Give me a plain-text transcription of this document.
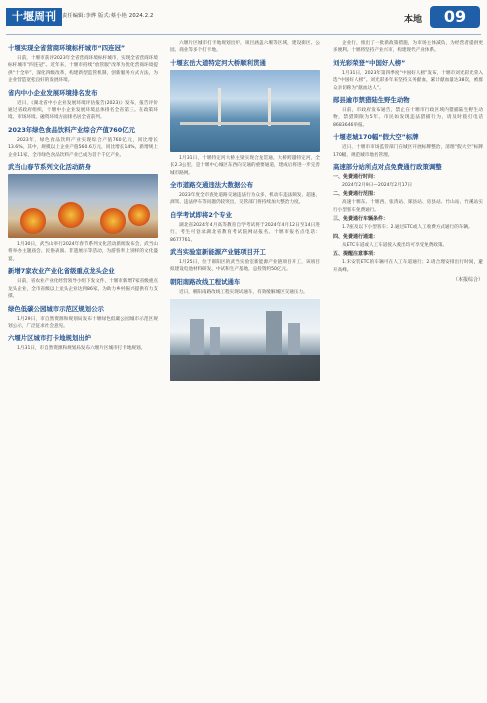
十堰周刊	责任编辑:李烨 版式:蔡小艳 2024.2.2	本地	09
十堰实现全省营商环境标杆城市“四连冠”
日前，十堰市获评2023年全省营商环境标杆城市，实现全省营商环境标杆城市“四连冠”。近年来，十堰市持续“放管服”改革为优化营商环境提供“十全举”，深化四级改革，构建新型监管机制，创新服务方式方法，为企业营造宽松良好的发展环境。
省内中小企业发展环境排名发布
近日，《湖北省中小企业发展环境评估报告(2023)》发布，报告评价通过省政府组织，十堰中小企业发展环境总体排名全省第三。在政策环境、市场环境、融资环境方面排名居全省前列。
2023年绿色食品饮料产业综合产值760亿元
2023年，绿色食品饮料产业实现综合产值760亿元，同比增长13.6%。其中，规模以上企业产值560.6万元，同比增长14%，新增规上企业11家，全市绿色食品饮料产业已成为首个千亿产业。
武当山春节系列文化活动跻身
1月30日，武当山举行2024年春节系列文化活动新闻发布会，武当山将举办主题庙会、民俗表演、非遗展示等活动，为游客奉上别样的文化盛宴。
新增7家农业产业化省级重点龙头企业
日前，省农业产业化经营领导小组下发文件，十堰市新增7家省级重点龙头企业，全市省级以上龙头企业达到86家，为助力乡村振兴提供有力支撑。
绿色低碳公园城市示范区规划公示
1月29日，市自然资源和规划局发布十堰绿色低碳公园城市示范区规划公示，广泛征求社会意见。
六堰片区城市打卡地规划出炉
1月31日，市自然资源和规划局发布六堰片区城市打卡地规划。
六堰片区城市打卡地规划出炉，项目涵盖六堰等区域，建设街区、公园、商业等多个打卡地。
十堰玄岳大道特定河大桥顺利贯通
1月31日，十堰特定河大桥主梁实现合龙贯通。大桥跨越特定河，全长2.3公里，是十堰中心城区东西向交通的重要通道，建成后将进一步完善城市路网。
全市道路交通违法大数据公布
2023年度全市查处道路交通违法行为众多，机动车违法频发，超速、酒驾、违法停车等问题仍较突出，交管部门将持续加大整治力度。
自学考试即将2个专业
湖北省2024年4月高等教育自学考试将于2024年4月12日至14日进行，考生可登录湖北省教育考试院网站报名。十堰市报名点电话：8677761。
武当实验室新能源产业链项目开工
1月25日，位于郧阳区的武当实验室新能源产业链项目开工，该项目拟建设电池材料研发、中试和生产基地，总投资约50亿元。
朝阳南路改线工程试通车
近日，朝阳南路改线工程实现试通车，有效缓解城区交通压力。
企业行，推出了一批新政策措施，为市场主体减负，为经营者提供更多便利。十堰将坚持产业兴市，构建现代产业体系。
刘光彩荣登“中国好人榜”
1月31日，2023年第四季度“中国好人榜”发布，十堰市刘光彩光荣入选“中国好人榜”。刘光彩多年来坚持义务献血，累计献血量达38次，被群众亲切称为“献血达人”。
郧县逾市禁猎陆生野生动物
日前，市政府发布通告，禁止在十堰市行政区域内猎捕陆生野生动物，禁猎期限为5年。市民如发现违法猎捕行为，请及时拨打电话8683646举报。
十堰老城170幅“假大空”标牌
近日，十堰市市场监管部门在城区开展标牌整治，清理“假大空”标牌170幅，规范城市地名管理。
高速部分站所点对点免费通行政策调整
一、免费通行时间：
2024年2月9日—2024年2月17日
二、免费通行范围：
高速十堰东、十堰西、张湾站、郧县站、房县站、竹山站、竹溪站实行小型客车免费通行。
三、免费通行车辆条件：
1.7座及以下小型客车；2.通过ETC或人工收费方式通行的车辆。
四、免费通行通道：
从ETC车道或人工车道驶入驶出均可享受免费政策。
五、提醒注意事项：
1.未安装ETC的车辆可在人工车道通行；2.请合理安排出行时间，避开高峰。
（本报综合）
